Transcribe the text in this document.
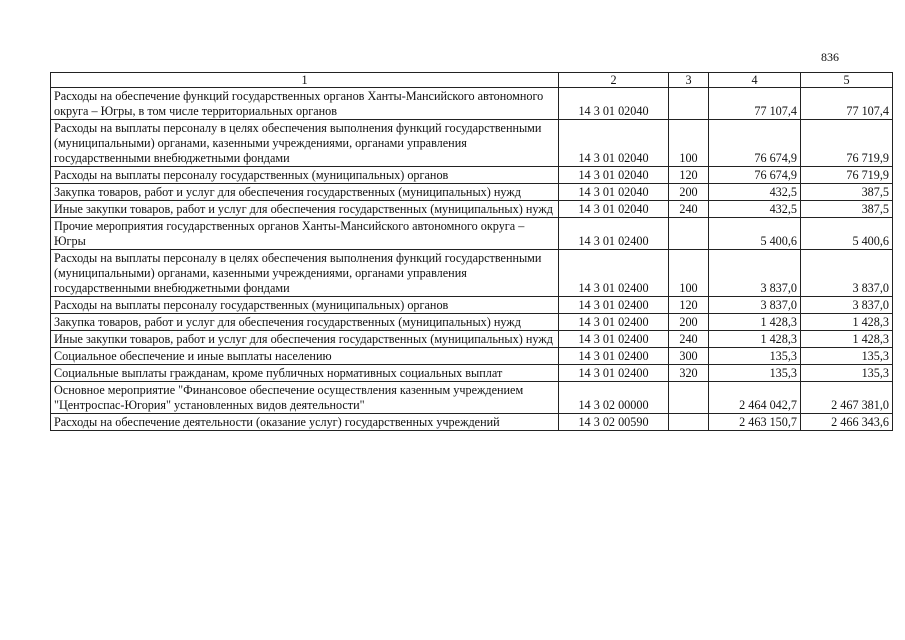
836
1	2	3	4	5
Расходы на обеспечение функций государственных органов Ханты-Мансийского автономного округа – Югры, в том числе территориальных органов	14 3 01 02040		77 107,4	77 107,4
Расходы на выплаты персоналу в целях обеспечения выполнения функций государственными (муниципальными) органами, казенными учреждениями, органами управления государственными внебюджетными фондами	14 3 01 02040	100	76 674,9	76 719,9
Расходы на выплаты персоналу государственных (муниципальных) органов	14 3 01 02040	120	76 674,9	76 719,9
Закупка товаров, работ и услуг для обеспечения государственных (муниципальных) нужд	14 3 01 02040	200	432,5	387,5
Иные закупки товаров, работ и услуг для обеспечения государственных (муниципальных) нужд	14 3 01 02040	240	432,5	387,5
Прочие мероприятия государственных органов Ханты-Мансийского автономного округа – Югры	14 3 01 02400		5 400,6	5 400,6
Расходы на выплаты персоналу в целях обеспечения выполнения функций государственными (муниципальными) органами, казенными учреждениями, органами управления государственными внебюджетными фондами	14 3 01 02400	100	3 837,0	3 837,0
Расходы на выплаты персоналу государственных (муниципальных) органов	14 3 01 02400	120	3 837,0	3 837,0
Закупка товаров, работ и услуг для обеспечения государственных (муниципальных) нужд	14 3 01 02400	200	1 428,3	1 428,3
Иные закупки товаров, работ и услуг для обеспечения государственных (муниципальных) нужд	14 3 01 02400	240	1 428,3	1 428,3
Социальное обеспечение и иные выплаты населению	14 3 01 02400	300	135,3	135,3
Социальные выплаты гражданам, кроме публичных нормативных социальных выплат	14 3 01 02400	320	135,3	135,3
Основное мероприятие "Финансовое обеспечение осуществления казенным учреждением "Центроспас-Югория" установленных видов деятельности"	14 3 02 00000		2 464 042,7	2 467 381,0
Расходы на обеспечение деятельности (оказание услуг) государственных учреждений	14 3 02 00590		2 463 150,7	2 466 343,6
